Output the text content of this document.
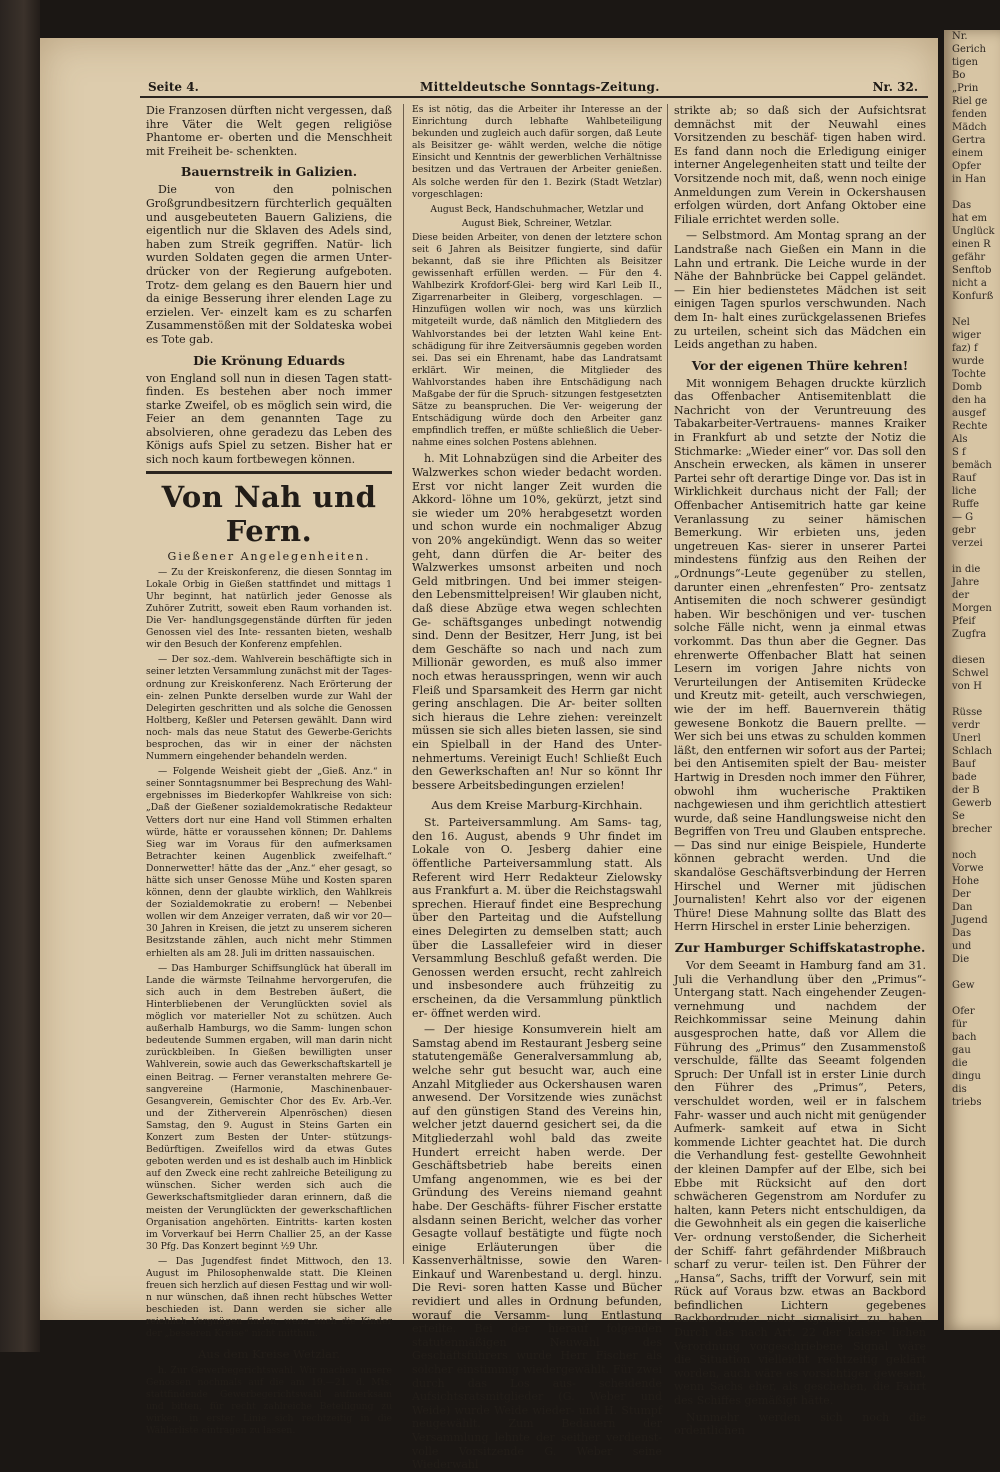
Nr.
Gerich
tigen
Bo
„Prin
Riel ge
fenden
Mädch
Gertra
einem
Opfer
in Han

Das
hat em
Unglück
einen R
gefähr
Senftob
nicht a
Konfurß

Nel
wiger
faz) f
wurde
Tochte
Domb
den ha
ausgef
Rechte
Als
S f
bemäch
Rauf
liche
Ruffe
— G
gebr
verzei

in die
Jahre
der
Morgen
Pfeif
Zugfra

diesen
Schwel
von H

Rüsse
verdr
Unerl
Schlach
Bauf
bade
der B
Gewerb
Se
brecher

noch
Vorwe
Hohe
Der
Dan
Jugend
Das
und
Die

Gew

Ofer
für
bach
gau
die
dingu
dis
triebs
Seite 4.	Mitteldeutsche Sonntags-Zeitung.	Nr. 32.

Die Franzosen dürften nicht vergessen, daß ihre Väter die Welt gegen religiöse Phantome er- oberten und die Menschheit mit Freiheit be- schenkten.

Bauernstreik in Galizien.

Die von den polnischen Großgrundbesitzern fürchterlich gequälten und ausgebeuteten Bauern Galiziens, die eigentlich nur die Sklaven des Adels sind, haben zum Streik gegriffen. Natür- lich wurden Soldaten gegen die armen Unter- drücker von der Regierung aufgeboten. Trotz- dem gelang es den Bauern hier und da einige Besserung ihrer elenden Lage zu erzielen. Ver- einzelt kam es zu scharfen Zusammenstößen mit der Soldateska wobei es Tote gab.

Die Krönung Eduards

von England soll nun in diesen Tagen statt- finden. Es bestehen aber noch immer starke Zweifel, ob es möglich sein wird, die Feier an dem genannten Tage zu absolvieren, ohne geradezu das Leben des Königs aufs Spiel zu setzen. Bisher hat er sich noch kaum fortbewegen können.

Von Nah und Fern.
Gießener Angelegenheiten.

— Zu der Kreiskonferenz, die diesen Sonntag im Lokale Orbig in Gießen stattfindet und mittags 1 Uhr beginnt, hat natürlich jeder Genosse als Zuhörer Zutritt, soweit eben Raum vorhanden ist. Die Ver- handlungsgegenstände dürften für jeden Genossen viel des Inte- ressanten bieten, weshalb wir den Besuch der Konferenz empfehlen.

— Der soz.-dem. Wahlverein beschäftigte sich in seiner letzten Versammlung zunächst mit der Tages- ordnung zur Kreiskonferenz. Nach Erörterung der ein- zelnen Punkte derselben wurde zur Wahl der Delegirten geschritten und als solche die Genossen Holtberg, Keßler und Petersen gewählt. Dann wird noch- mals das neue Statut des Gewerbe-Gerichts besprochen, das wir in einer der nächsten Nummern eingehender behandeln werden.

— Folgende Weisheit giebt der „Gieß. Anz.“ in seiner Sonntagsnummer bei Besprechung des Wahl- ergebnisses im Biederkopfer Wahlkreise von sich: „Daß der Gießener sozialdemokratische Redakteur Vetters dort nur eine Hand voll Stimmen erhalten würde, hätte er voraussehen können; Dr. Dahlems Sieg war im Voraus für den aufmerksamen Betrachter keinen Augenblick zweifelhaft.“ Donnerwetter! hätte das der „Anz.“ eher gesagt, so hätte sich unser Genosse Mühe und Kosten sparen können, denn der glaubte wirklich, den Wahlkreis der Sozialdemokratie zu erobern! — Nebenbei wollen wir dem Anzeiger verraten, daß wir vor 20—30 Jahren in Kreisen, die jetzt zu unserem sicheren Besitzstande zählen, auch nicht mehr Stimmen erhielten als am 28. Juli im dritten nassauischen.

— Das Hamburger Schiffsunglück hat überall im Lande die wärmste Teilnahme hervorgerufen, die sich auch in dem Bestreben äußert, die Hinterbliebenen der Verunglückten soviel als möglich vor materieller Not zu schützen. Auch außerhalb Hamburgs, wo die Samm- lungen schon bedeutende Summen ergaben, will man darin nicht zurückbleiben. In Gießen bewilligten unser Wahlverein, sowie auch das Gewerkschaftskartell je einen Beitrag. — Ferner veranstalten mehrere Ge- sangvereine (Harmonie, Maschinenbauer-Gesangverein, Gemischter Chor des Ev. Arb.-Ver. und der Zitherverein Alpenröschen) diesen Samstag, den 9. August in Steins Garten ein Konzert zum Besten der Unter- stützungs-Bedürftigen. Zweifellos wird da etwas Gutes geboten werden und es ist deshalb auch im Hinblick auf den Zweck eine recht zahlreiche Beteiligung zu wünschen. Sicher werden sich auch die Gewerkschaftsmitglieder daran erinnern, daß die meisten der Verunglückten der gewerkschaftlichen Organisation angehörten. Eintritts- karten kosten im Vorverkauf bei Herrn Challier 25, an der Kasse 30 Pfg. Das Konzert beginnt ½9 Uhr.

— Das Jugendfest findet Mittwoch, den 13. August im Philosophenwalde statt. Die Kleinen freuen sich herzlich auf diesen Festtag und wir woll- n nur wünschen, daß ihnen recht hübsches Wetter beschieden ist. Dann werden sie sicher alle reichlich Vergnügen finden, wenn auch die Kinder der „besseren Kreise“ nicht mitthun.

Aus dem Kreise Wetzlar.

h. Zur Gewerbegerichtswahl. Wir machen unsere Genossen nochmals auf die am 19.—21. d. Mts. stattfindende Gewerbegerichtswahl aufmerksam und bitten, für recht zahlreiche Beteiligung zu wirken, in erster Linie sich rechtzeitig in die Wählerliste eintragen zu lassen.

Es ist nötig, das die Arbeiter ihr Interesse an der Einrichtung durch lebhafte Wahlbeteiligung bekunden und zugleich auch dafür sorgen, daß Leute als Beisitzer ge- wählt werden, welche die nötige Einsicht und Kenntnis der gewerblichen Verhältnisse besitzen und das Vertrauen der Arbeiter genießen. Als solche werden für den 1. Bezirk (Stadt Wetzlar) vorgeschlagen:

August Beck, Handschuhmacher, Wetzlar und
August Biek, Schreiner, Wetzlar.

Diese beiden Arbeiter, von denen der letztere schon seit 6 Jahren als Beisitzer fungierte, sind dafür bekannt, daß sie ihre Pflichten als Beisitzer gewissenhaft erfüllen werden. — Für den 4. Wahlbezirk Krofdorf-Glei- berg wird Karl Leib II., Zigarrenarbeiter in Gleiberg, vorgeschlagen. — Hinzufügen wollen wir noch, was uns kürzlich mitgeteilt wurde, daß nämlich den Mitgliedern des Wahlvorstandes bei der letzten Wahl keine Ent- schädigung für ihre Zeitversäumnis gegeben worden sei. Das sei ein Ehrenamt, habe das Landratsamt erklärt. Wir meinen, die Mitglieder des Wahlvorstandes haben ihre Entschädigung nach Maßgabe der für die Spruch- sitzungen festgesetzten Sätze zu beanspruchen. Die Ver- weigerung der Entschädigung würde doch den Arbeiter ganz empfindlich treffen, er müßte schließlich die Ueber- nahme eines solchen Postens ablehnen.

h. Mit Lohnabzügen sind die Arbeiter des Walzwerkes schon wieder bedacht worden. Erst vor nicht langer Zeit wurden die Akkord- löhne um 10%, gekürzt, jetzt sind sie wieder um 20% herabgesetzt worden und schon wurde ein nochmaliger Abzug von 20% angekündigt. Wenn das so weiter geht, dann dürfen die Ar- beiter des Walzwerkes umsonst arbeiten und noch Geld mitbringen. Und bei immer steigen- den Lebensmittelpreisen! Wir glauben nicht, daß diese Abzüge etwa wegen schlechten Ge- schäftsganges unbedingt notwendig sind. Denn der Besitzer, Herr Jung, ist bei dem Geschäfte so nach und nach zum Millionär geworden, es muß also immer noch etwas herausspringen, wenn wir auch Fleiß und Sparsamkeit des Herrn gar nicht gering anschlagen. Die Ar- beiter sollten sich hieraus die Lehre ziehen: vereinzelt müssen sie sich alles bieten lassen, sie sind ein Spielball in der Hand des Unter- nehmertums. Vereinigt Euch! Schließt Euch den Gewerkschaften an! Nur so könnt Ihr bessere Arbeitsbedingungen erzielen!

Aus dem Kreise Marburg-Kirchhain.

St. Parteiversammlung. Am Sams- tag, den 16. August, abends 9 Uhr findet im Lokale von O. Jesberg dahier eine öffentliche Parteiversammlung statt. Als Referent wird Herr Redakteur Zielowsky aus Frankfurt a. M. über die Reichstagswahl sprechen. Hierauf findet eine Besprechung über den Parteitag und die Aufstellung eines Delegirten zu demselben statt; auch über die Lassallefeier wird in dieser Versammlung Beschluß gefaßt werden. Die Genossen werden ersucht, recht zahlreich und insbesondere auch frühzeitig zu erscheinen, da die Versammlung pünktlich er- öffnet werden wird.

— Der hiesige Konsumverein hielt am Samstag abend im Restaurant Jesberg seine statutengemäße Generalversammlung ab, welche sehr gut besucht war, auch eine Anzahl Mitglieder aus Ockershausen waren anwesend. Der Vorsitzende wies zunächst auf den günstigen Stand des Vereins hin, welcher jetzt dauernd gesichert sei, da die Mitgliederzahl wohl bald das zweite Hundert erreicht haben werde. Der Geschäftsbetrieb habe bereits einen Umfang angenommen, wie es bei der Gründung des Vereins niemand geahnt habe. Der Geschäfts- führer Fischer erstatte alsdann seinen Bericht, welcher das vorher Gesagte vollauf bestätigte und fügte noch einige Erläuterungen über die Kassenverhältnisse, sowie den Waren-Einkauf und Warenbestand u. dergl. hinzu. Die Revi- soren hatten Kasse und Bücher revidiert und alles in Ordnung befunden, worauf die Versamm- lung Entlastung erteilte. Bei der hierauf folgenden statutenmäßigen Neuwahl des Geschäftsführers wurde Herr Fischer als solcher einstimmig wiedergewählt. Für zwei durch das Los aus- scheidende Aufsichtsratsmitglieder (G. Weber und Weide) wurde Weide wieder- und H. Stumpf neugewählt. Zum Bedauern der Versammlung lehnte der seither verdienst- volle Vorsitzende G. Weber seine Wiederwahl

strikte ab; so daß sich der Aufsichtsrat demnächst mit der Neuwahl eines Vorsitzenden zu beschäf- tigen haben wird. Es fand dann noch die Erledigung einiger interner Angelegenheiten statt und teilte der Vorsitzende noch mit, daß, wenn noch einige Anmeldungen zum Verein in Ockershausen erfolgen würden, dort Anfang Oktober eine Filiale errichtet werden solle.

— Selbstmord. Am Montag sprang an der Landstraße nach Gießen ein Mann in die Lahn und ertrank. Die Leiche wurde in der Nähe der Bahnbrücke bei Cappel geländet. — Ein hier bedienstetes Mädchen ist seit einigen Tagen spurlos verschwunden. Nach dem In- halt eines zurückgelassenen Briefes zu urteilen, scheint sich das Mädchen ein Leids angethan zu haben.

Vor der eigenen Thüre kehren!

Mit wonnigem Behagen druckte kürzlich das Offenbacher Antisemitenblatt die Nachricht von der Veruntreuung des Tabakarbeiter-Vertrauens- mannes Kraiker in Frankfurt ab und setzte der Notiz die Stichmarke: „Wieder einer“ vor. Das soll den Anschein erwecken, als kämen in unserer Partei sehr oft derartige Dinge vor. Das ist in Wirklichkeit durchaus nicht der Fall; der Offenbacher Antisemitrich hatte gar keine Veranlassung zu seiner hämischen Bemerkung. Wir erbieten uns, jeden ungetreuen Kas- sierer in unserer Partei mindestens fünfzig aus den Reihen der „Ordnungs“-Leute gegenüber zu stellen, darunter einen „ehrenfesten“ Pro- zentsatz Antisemiten die noch schwerer gesündigt haben. Wir beschönigen und ver- tuschen solche Fälle nicht, wenn ja einmal etwas vorkommt. Das thun aber die Gegner. Das ehrenwerte Offenbacher Blatt hat seinen Lesern im vorigen Jahre nichts von Verurteilungen der Antisemiten Krüdecke und Kreutz mit- geteilt, auch verschwiegen, wie der im heff. Bauernverein thätig gewesene Bonkotz die Bauern prellte. — Wer sich bei uns etwas zu schulden kommen läßt, den entfernen wir sofort aus der Partei; bei den Antisemiten spielt der Bau- meister Hartwig in Dresden noch immer den Führer, obwohl ihm wucherische Praktiken nachgewiesen und ihm gerichtlich attestiert wurde, daß seine Handlungsweise nicht den Begriffen von Treu und Glauben entspreche. — Das sind nur einige Beispiele, Hunderte können gebracht werden. Und die skandalöse Geschäftsverbindung der Herren Hirschel und Werner mit jüdischen Journalisten! Kehrt also vor der eigenen Thüre! Diese Mahnung sollte das Blatt des Herrn Hirschel in erster Linie beherzigen.

Zur Hamburger Schiffskatastrophe.

Vor dem Seeamt in Hamburg fand am 31. Juli die Verhandlung über den „Primus“- Untergang statt. Nach eingehender Zeugen- vernehmung und nachdem der Reichkommissar seine Meinung dahin ausgesprochen hatte, daß vor Allem die Führung des „Primus“ den Zusammenstoß verschulde, fällte das Seeamt folgenden Spruch: Der Unfall ist in erster Linie durch den Führer des „Primus“, Peters, verschuldet worden, weil er in falschem Fahr- wasser und auch nicht mit genügender Aufmerk- samkeit auf etwa in Sicht kommende Lichter geachtet hat. Die durch die Verhandlung fest- gestellte Gewohnheit der kleinen Dampfer auf der Elbe, sich bei Ebbe mit Rücksicht auf den dort schwächeren Gegenstrom am Nordufer zu halten, kann Peters nicht entschuldigen, da die Gewohnheit als ein gegen die kaiserliche Ver- ordnung verstoßender, die Sicherheit der Schiff- fahrt gefährdender Mißbrauch scharf zu verur- teilen ist. Den Führer der „Hansa“, Sachs, trifft der Vorwurf, sein mit Rück auf Voraus bzw. etwas an Backbord befindlichen Lichtern gegebenes Backbordruder nicht signalisirt zu haben. Durch das nach Art. 22 der kaiser- lichen Verordnung vorgeschriebene Signal wäre die Situation vielleicht rechtzeitig geklärt worden, auch wäre es vorsichtiger gewesen, wenn Sachs eher, als geschehen, die Fahrt des Schiffes gemäßigt hätte.

Nunmehr werden sich noch die ordentlichen
